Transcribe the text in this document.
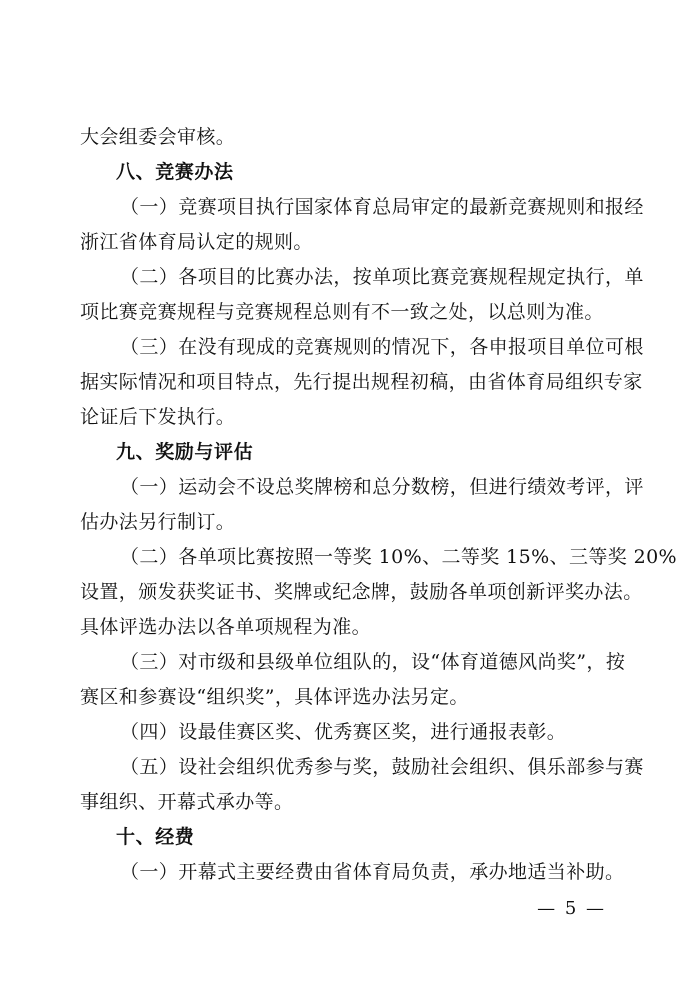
大会组委会审核。
八、竞赛办法
（一）竞赛项目执行国家体育总局审定的最新竞赛规则和报经
浙江省体育局认定的规则。
（二）各项目的比赛办法，按单项比赛竞赛规程规定执行，单
项比赛竞赛规程与竞赛规程总则有不一致之处，以总则为准。
（三）在没有现成的竞赛规则的情况下，各申报项目单位可根
据实际情况和项目特点，先行提出规程初稿，由省体育局组织专家
论证后下发执行。
九、奖励与评估
（一）运动会不设总奖牌榜和总分数榜，但进行绩效考评，评
估办法另行制订。
（二）各单项比赛按照一等奖 10%、二等奖 15%、三等奖 20%
设置，颁发获奖证书、奖牌或纪念牌，鼓励各单项创新评奖办法。
具体评选办法以各单项规程为准。
（三）对市级和县级单位组队的，设“体育道德风尚奖”，按
赛区和参赛设“组织奖”，具体评选办法另定。
（四）设最佳赛区奖、优秀赛区奖，进行通报表彰。
（五）设社会组织优秀参与奖，鼓励社会组织、俱乐部参与赛
事组织、开幕式承办等。
十、经费
（一）开幕式主要经费由省体育局负责，承办地适当补助。
— 5 —
